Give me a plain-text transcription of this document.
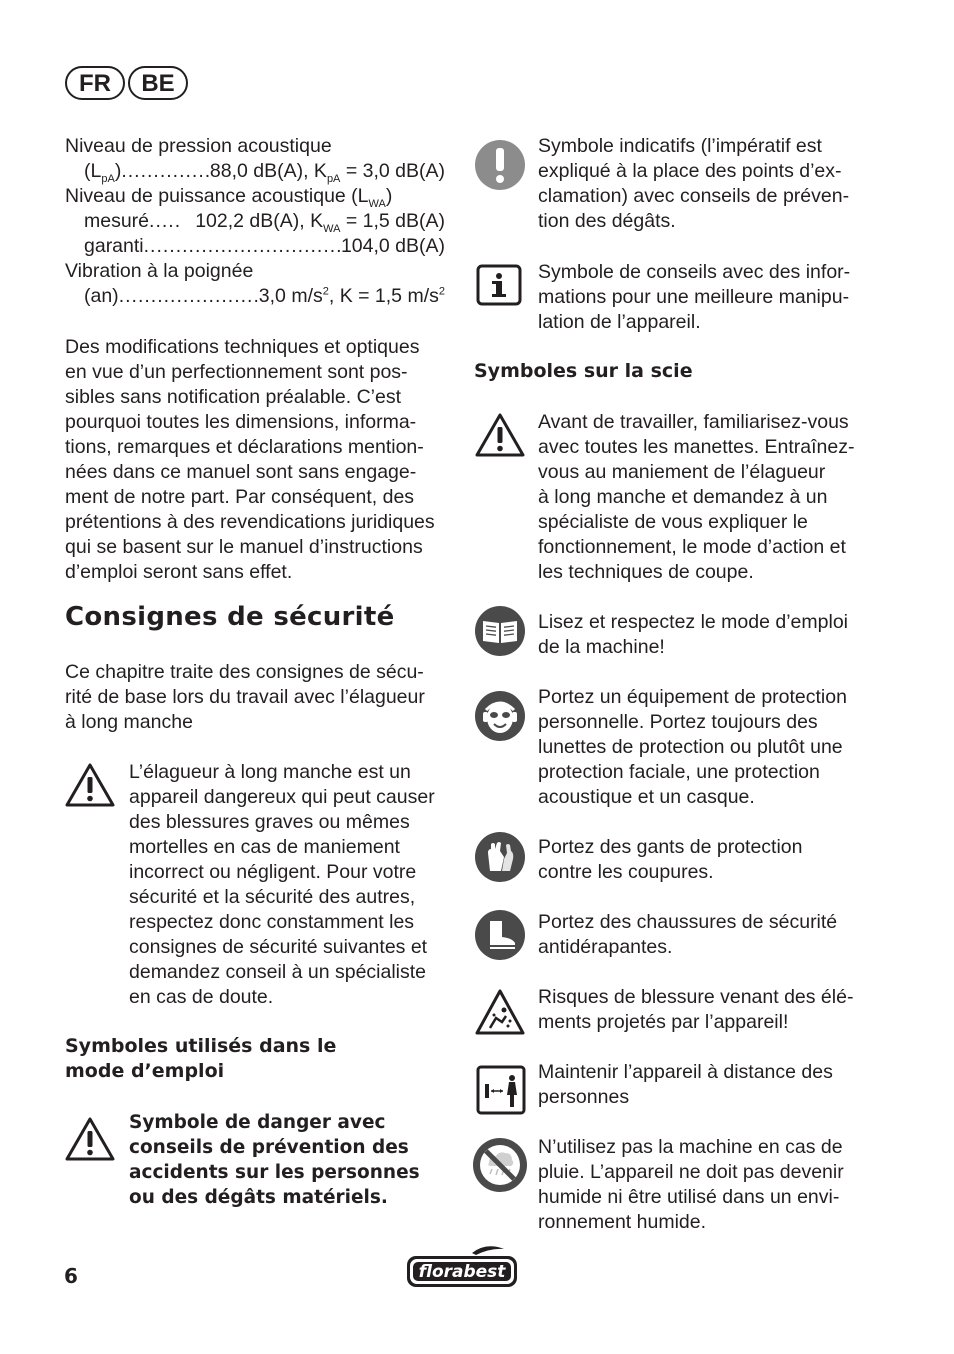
FR	BE
Niveau de pression acoustique
$(L_{pA})$ .....	88,0 dB(A), $K_{pA} = 3,0$ dB(A)
Niveau de puissance acoustique $(L_{WA})$
mesuré .....	102,2 dB(A), $K_{WA} = 1,5$ dB(A)
garanti .....	104,0 dB(A)
Vibration à la poignée
(an) .....	3,0 $m/s^2$, K = 1,5 $m/s^2$
Des modifications techniques et optiques
en vue d’un perfectionnement sont pos-
sibles sans notification préalable. C’est
pourquoi toutes les dimensions, informa-
tions, remarques et déclarations mention-
nées dans ce manuel sont sans engage-
ment de notre part. Par conséquent, des
prétentions à des revendications juridiques
qui se basent sur le manuel d’instructions
d’emploi seront sans effet.
Consignes de sécurité
Ce chapitre traite des consignes de sécu-
rité de base lors du travail avec l’élagueur
à long manche
L’élagueur à long manche est un
appareil dangereux qui peut causer
des blessures graves ou mêmes
mortelles en cas de maniement
incorrect ou négligent. Pour votre
sécurité et la sécurité des autres,
respectez donc constamment les
consignes de sécurité suivantes et
demandez conseil à un spécialiste
en cas de doute.
Symboles utilisés dans le
mode d’emploi
Symbole de danger avec
conseils de prévention des
accidents sur les personnes
ou des dégâts matériels.
Symbole indicatifs (l’impératif est
expliqué à la place des points d’ex-
clamation) avec conseils de préven-
tion des dégâts.
Symbole de conseils avec des infor-
mations pour une meilleure manipu-
lation de l’appareil.
Symboles sur la scie
Avant de travailler, familiarisez-vous
avec toutes les manettes. Entraînez-
vous au maniement de l’élagueur
à long manche et demandez à un
spécialiste de vous expliquer le
fonctionnement, le mode d’action et
les techniques de coupe.
Lisez et respectez le mode d’emploi
de la machine!
Portez un équipement de protection
personnelle. Portez toujours des
lunettes de protection ou plutôt une
protection faciale, une protection
acoustique et un casque.
Portez des gants de protection
contre les coupures.
Portez des chaussures de sécurité
antidérapantes.
Risques de blessure venant des élé-
ments projetés par l’appareil!
Maintenir l’appareil à distance des
personnes
N’utilisez pas la machine en cas de
pluie. L’appareil ne doit pas devenir
humide ni être utilisé dans un envi-
ronnement humide.
6	florabest
